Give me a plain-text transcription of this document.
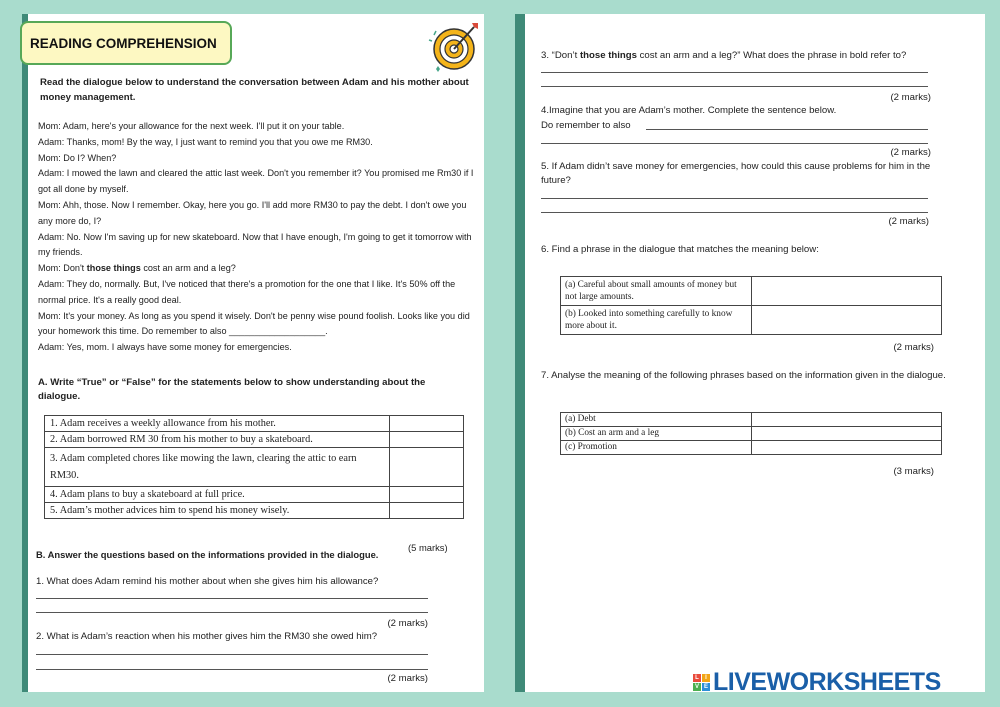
READING COMPREHENSION
Read the dialogue below to understand the conversation between Adam and his mother about money management.

Mom: Adam, here's your allowance for the next week. I'll put it on your table.

Adam: Thanks, mom! By the way, I just want to remind you that you owe me RM30.

Mom: Do I? When?

Adam: I mowed the lawn and cleared the attic last week. Don't you remember it? You promised me Rm30 if I got all done by myself.

Mom: Ahh, those. Now I remember. Okay, here you go. I'll add more RM30 to pay the debt. I don't owe you any more do, I?

Adam: No. Now I'm saving up for new skateboard. Now that I have enough, I'm going to get it tomorrow with my friends.

Mom: Don't those things cost an arm and a leg?

Adam: They do, normally. But, I've noticed that there's a promotion for the one that I like. It's 50% off the normal price. It's a really good deal.

Mom: It's your money. As long as you spend it wisely. Don't be penny wise pound foolish. Looks like you did your homework this time. Do remember to also ___________________.

Adam: Yes, mom. I always have some money for emergencies.

A. Write “True” or “False” for the statements below to show understanding about the dialogue.
1. Adam receives a weekly allowance from his mother.	
2. Adam borrowed RM 30 from his mother to buy a skateboard.	
3. Adam completed chores like mowing the lawn, clearing the attic to earn RM30.	
4. Adam plans to buy a skateboard at full price.	
5. Adam’s mother advices him to spend his money wisely.	
B. Answer the questions based on the informations provided in the dialogue.
(5 marks)
1. What does Adam remind his mother about when she gives him his allowance?
(2 marks)
2. What is Adam’s reaction when his mother gives him the RM30 she owed him?
(2 marks)
3. “Don’t those things cost an arm and a leg?” What does the phrase in bold refer to?
(2 marks)
4.Imagine that you are Adam’s mother. Complete the sentence below.
Do remember to also
(2 marks)
5. If Adam didn’t save money for emergencies, how could this cause problems for him in the future?
(2 marks)
6. Find a phrase in the dialogue that matches the meaning below:
(a) Careful about small amounts of money but not large amounts.	
(b) Looked into something carefully to know more about it.	
(2 marks)
7. Analyse the meaning of the following phrases based on the information given in the dialogue.
(a) Debt	
(b) Cost an arm and a leg	
(c) Promotion	
(3 marks)
L	I
V E LIVEWORKSHEETS
